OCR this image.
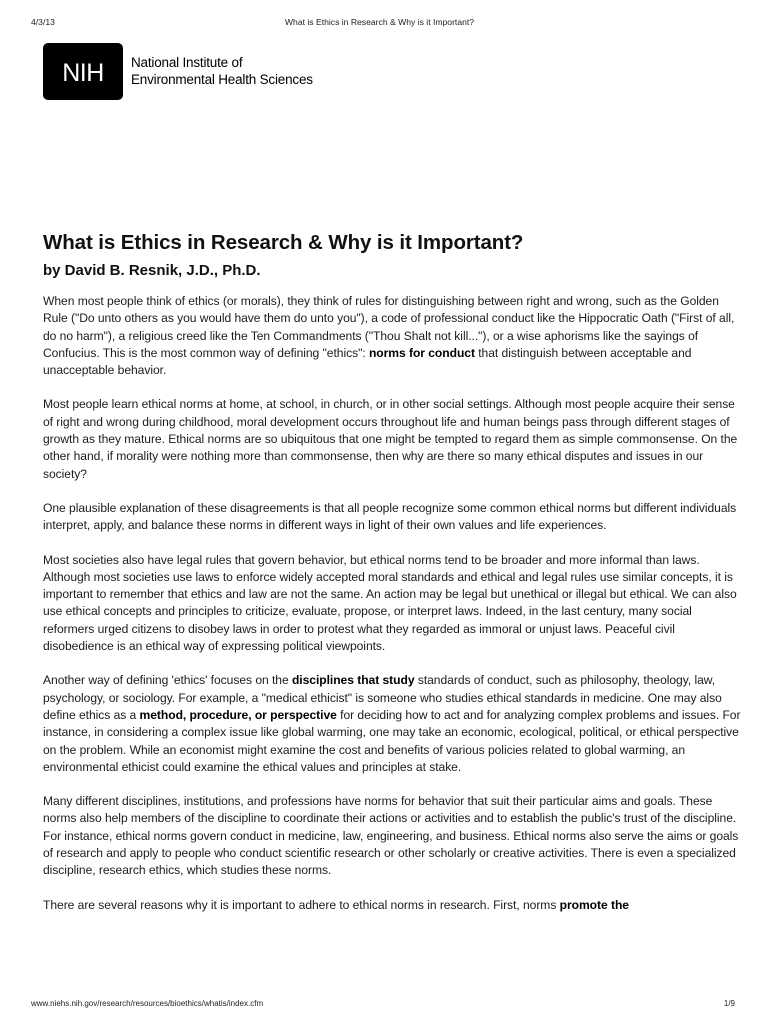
4/3/13	What is Ethics in Research & Why is it Important?
NIH National Institute of
Environmental Health Sciences
What is Ethics in Research & Why is it Important?
by David B. Resnik, J.D., Ph.D.

When most people think of ethics (or morals), they think of rules for distinguishing between right and wrong, such as the Golden Rule ("Do unto others as you would have them do unto you"), a code of professional conduct like the Hippocratic Oath ("First of all, do no harm"), a religious creed like the Ten Commandments ("Thou Shalt not kill..."), or a wise aphorisms like the sayings of Confucius. This is the most common way of defining "ethics": norms for conduct that distinguish between acceptable and unacceptable behavior.

Most people learn ethical norms at home, at school, in church, or in other social settings. Although most people acquire their sense of right and wrong during childhood, moral development occurs throughout life and human beings pass through different stages of growth as they mature. Ethical norms are so ubiquitous that one might be tempted to regard them as simple commonsense. On the other hand, if morality were nothing more than commonsense, then why are there so many ethical disputes and issues in our society?

One plausible explanation of these disagreements is that all people recognize some common ethical norms but different individuals interpret, apply, and balance these norms in different ways in light of their own values and life experiences.

Most societies also have legal rules that govern behavior, but ethical norms tend to be broader and more informal than laws. Although most societies use laws to enforce widely accepted moral standards and ethical and legal rules use similar concepts, it is important to remember that ethics and law are not the same. An action may be legal but unethical or illegal but ethical. We can also use ethical concepts and principles to criticize, evaluate, propose, or interpret laws. Indeed, in the last century, many social reformers urged citizens to disobey laws in order to protest what they regarded as immoral or unjust laws. Peaceful civil disobedience is an ethical way of expressing political viewpoints.

Another way of defining 'ethics' focuses on the disciplines that study standards of conduct, such as philosophy, theology, law, psychology, or sociology. For example, a "medical ethicist" is someone who studies ethical standards in medicine. One may also define ethics as a method, procedure, or perspective for deciding how to act and for analyzing complex problems and issues. For instance, in considering a complex issue like global warming, one may take an economic, ecological, political, or ethical perspective on the problem. While an economist might examine the cost and benefits of various policies related to global warming, an environmental ethicist could examine the ethical values and principles at stake.

Many different disciplines, institutions, and professions have norms for behavior that suit their particular aims and goals. These norms also help members of the discipline to coordinate their actions or activities and to establish the public's trust of the discipline. For instance, ethical norms govern conduct in medicine, law, engineering, and business. Ethical norms also serve the aims or goals of research and apply to people who conduct scientific research or other scholarly or creative activities. There is even a specialized discipline, research ethics, which studies these norms.

There are several reasons why it is important to adhere to ethical norms in research. First, norms promote the

www.niehs.nih.gov/research/resources/bioethics/whatis/index.cfm	1/9
